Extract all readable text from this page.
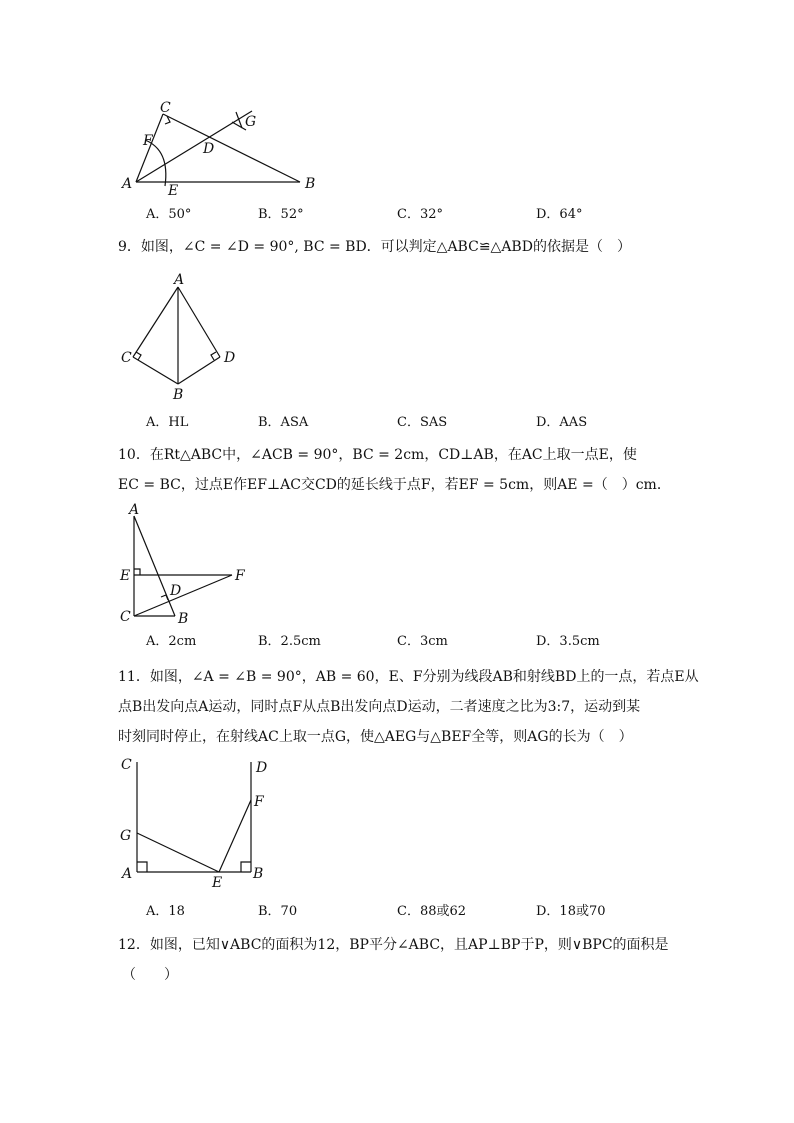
A	B
C
D
E
F
G
A．50°	B．52°	C．32°	D．64°
9．如图，∠C = ∠D = 90°, BC = BD．可以判定△ABC≌△ABD的依据是（　）
A
B
C	D
A．HL	B．ASA	C．SAS	D．AAS
10．在Rt△ABC中，∠ACB = 90°，BC = 2cm，CD⊥AB，在AC上取一点E，使
EC = BC，过点E作EF⊥AC交CD的延长线于点F，若EF = 5cm，则AE =（　）cm．
A
B
C
D
E	F
A．2cm	B．2.5cm	C．3cm	D．3.5cm
11．如图，∠A = ∠B = 90°，AB = 60，E、F分别为线段AB和射线BD上的一点，若点E从
点B出发向点A运动，同时点F从点B出发向点D运动，二者速度之比为3:7，运动到某
时刻同时停止，在射线AC上取一点G，使△AEG与△BEF全等，则AG的长为（　）
C	D
F
G
A
E
B
A．18	B．70	C．88或62	D．18或70
12．如图，已知∨ABC的面积为12，BP平分∠ABC，且AP⊥BP于P，则∨BPC的面积是
（　　）
